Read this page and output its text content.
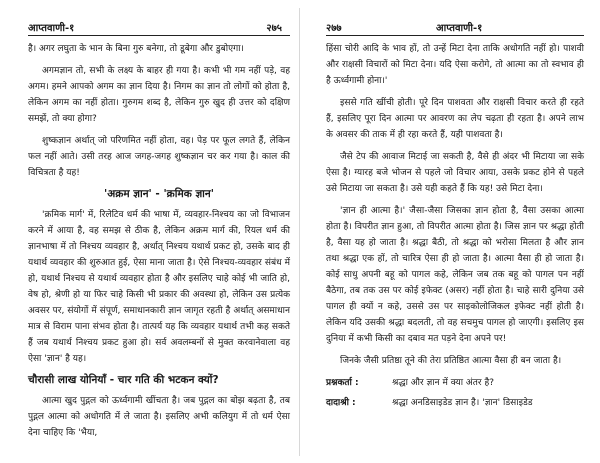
आप्तवाणी-१	२७५

है। अगर लघुता के भान के बिना गुरु बनेगा, तो डूबेगा और डुबोएगा।

अगमज्ञान तो, सभी के लक्ष्य के बाहर ही गया है। कभी भी गम नहीं पड़े, वह अगम। हमने आपको अगम का ज्ञान दिया है। निगम का ज्ञान तो लोगों को होता है, लेकिन अगम का नहीं होता। गुरुगम शब्द है, लेकिन गुरु खुद ही उत्तर को दक्षिण समझें, तो क्या होगा?

शुष्कज्ञान अर्थात् जो परिणमित नहीं होता, वह। पेड़ पर फूल लगते हैं, लेकिन फल नहीं आते। उसी तरह आज जगह-जगह शुष्कज्ञान चर कर गया है। काल की विचित्रता है यह!

'अक्रम ज्ञान' - 'क्रमिक ज्ञान'

'क्रमिक मार्ग' में, रिलेटिव धर्म की भाषा में, व्यवहार-निश्चय का जो विभाजन करने में आया है, वह समझ से ठीक है, लेकिन अक्रम मार्ग की, रियल धर्म की ज्ञानभाषा में तो निश्चय व्यवहार है, अर्थात् निश्चय यथार्थ प्रकट हो, उसके बाद ही यथार्थ व्यवहार की शुरुआत हुई, ऐसा माना जाता है। ऐसे निश्चय-व्यवहार संबंध में हो, यथार्थ निश्चय से यथार्थ व्यवहार होता है और इसलिए चाहे कोई भी जाति हो, वेष हो, श्रेणी हो या फिर चाहे किसी भी प्रकार की अवस्था हो, लेकिन उस प्रत्येक अवसर पर, संयोगों में संपूर्ण, समाधानकारी ज्ञान जागृत रहती है अर्थात् असमाधान मात्र से विराम पाना संभव होता है। तात्पर्य यह कि व्यवहार यथार्थ तभी कह सकते हैं जब यथार्थ निश्चय प्रकट हुआ हो। सर्व अवलम्बनों से मुक्त करवानेवाला वह ऐसा 'ज्ञान' है यह।

चौरासी लाख योनियाँ - चार गति की भटकन क्यों?

आत्मा खुद पुद्गल को ऊर्ध्वगामी खींचता है। जब पुद्गल का बोझ बढ़ता है, तब पुद्गल आत्मा को अधोगति में ले जाता है। इसलिए अभी कलियुग में तो धर्म ऐसा देना चाहिए कि 'भैया,

२७७	आप्तवाणी-१

हिंसा चोरी आदि के भाव हों, तो उन्हें मिटा देना ताकि अधोगति नहीं हो। पाशवी और राक्षसी विचारों को मिटा देना। यदि ऐसा करोगे, तो आत्मा का तो स्वभाव ही है ऊर्ध्वगामी होना।'

इससे गति खींची होती। पूरे दिन पाशवता और राक्षसी विचार करते ही रहते हैं, इसलिए पूरा दिन आत्मा पर आवरण का लेप चढ़ता ही रहता है। अपने लाभ के अवसर की ताक में ही रहा करते हैं, यही पाशवता है।

जैसे टेप की आवाज मिटाई जा सकती है, वैसे ही अंदर भी मिटाया जा सके ऐसा है। ग्यारह बजे भोजन से पहले जो विचार आया, उसके प्रकट होने से पहले उसे मिटाया जा सकता है। उसे यही कहते हैं कि यह! उसे मिटा देना।

'ज्ञान ही आत्मा है।' जैसा-जैसा जिसका ज्ञान होता है, वैसा उसका आत्मा होता है। विपरीत ज्ञान हुआ, तो विपरीत आत्मा होता है। जिस ज्ञान पर श्रद्धा होती है, वैसा यह हो जाता है। श्रद्धा बैठी, तो श्रद्धा को भरोसा मिलता है और ज्ञान तथा श्रद्धा एक हों, तो चारित्र ऐसा ही हो जाता है। आत्मा वैसा ही हो जाता है। कोई साधु अपनी बहू को पागल कहे, लेकिन जब तक बहू को पागल पन नहीं बैठेगा, तब तक उस पर कोई इफेक्ट (असर) नहीं होता है। चाहे सारी दुनिया उसे पागल ही क्यों न कहे, उससे उस पर साइकोलोजिकल इफेक्ट नहीं होती है। लेकिन यदि उसकी श्रद्धा बदलती, तो वह सचमुच पागल हो जाएगी। इसलिए इस दुनिया में कभी किसी का दबाव मत पड़ने देना अपने पर!

जिनके जैसी प्रतिष्ठा तूने की तेरा प्रतिष्ठित आत्मा वैसा ही बन जाता है।

प्रश्नकर्ता :	श्रद्धा और ज्ञान में क्या अंतर है?
दादाश्री :	श्रद्धा अनडिसाइडेड ज्ञान है। 'ज्ञान' डिसाइडेड
